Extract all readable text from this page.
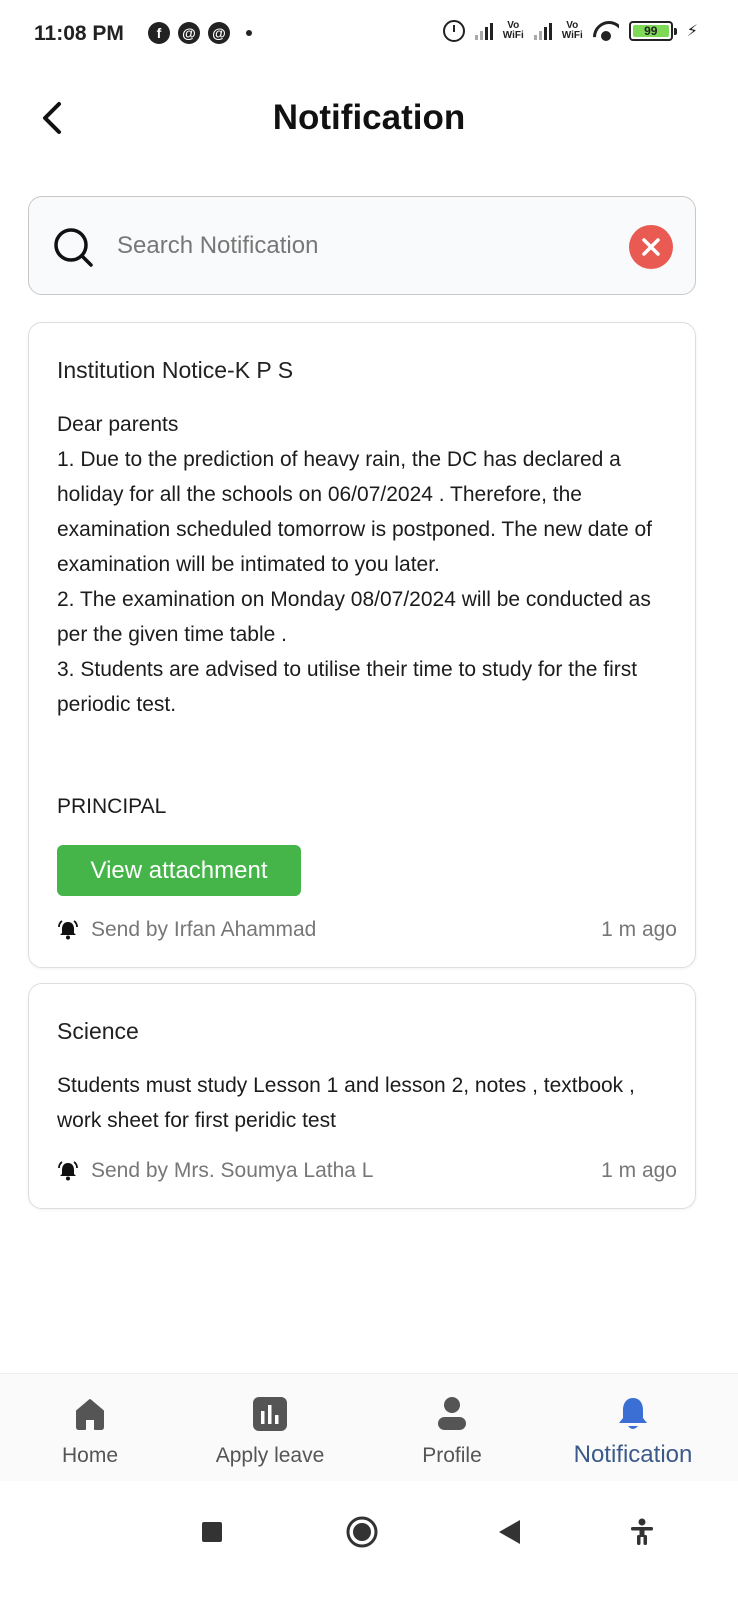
11:08 PM	f	@ @	Vo
WiFi
Vo
WiFi	99	⚡
Notification
Search Notification
Institution Notice-K P S
Dear parents
1. Due to the prediction of heavy rain, the DC has declared a holiday for all the schools on 06/07/2024 . Therefore, the examination scheduled tomorrow is postponed. The new date of examination will be intimated to you later.
2. The examination on Monday 08/07/2024 will be conducted as per the given time table .
3. Students are advised to utilise their time to study for the first periodic test.
PRINCIPAL
View attachment
Send by Irfan Ahammad	1 m ago
Science
Students must study Lesson 1 and lesson 2, notes , textbook , work sheet for first peridic test
Send by Mrs. Soumya Latha L	1 m ago
Home	Apply leave	Profile	Notification
